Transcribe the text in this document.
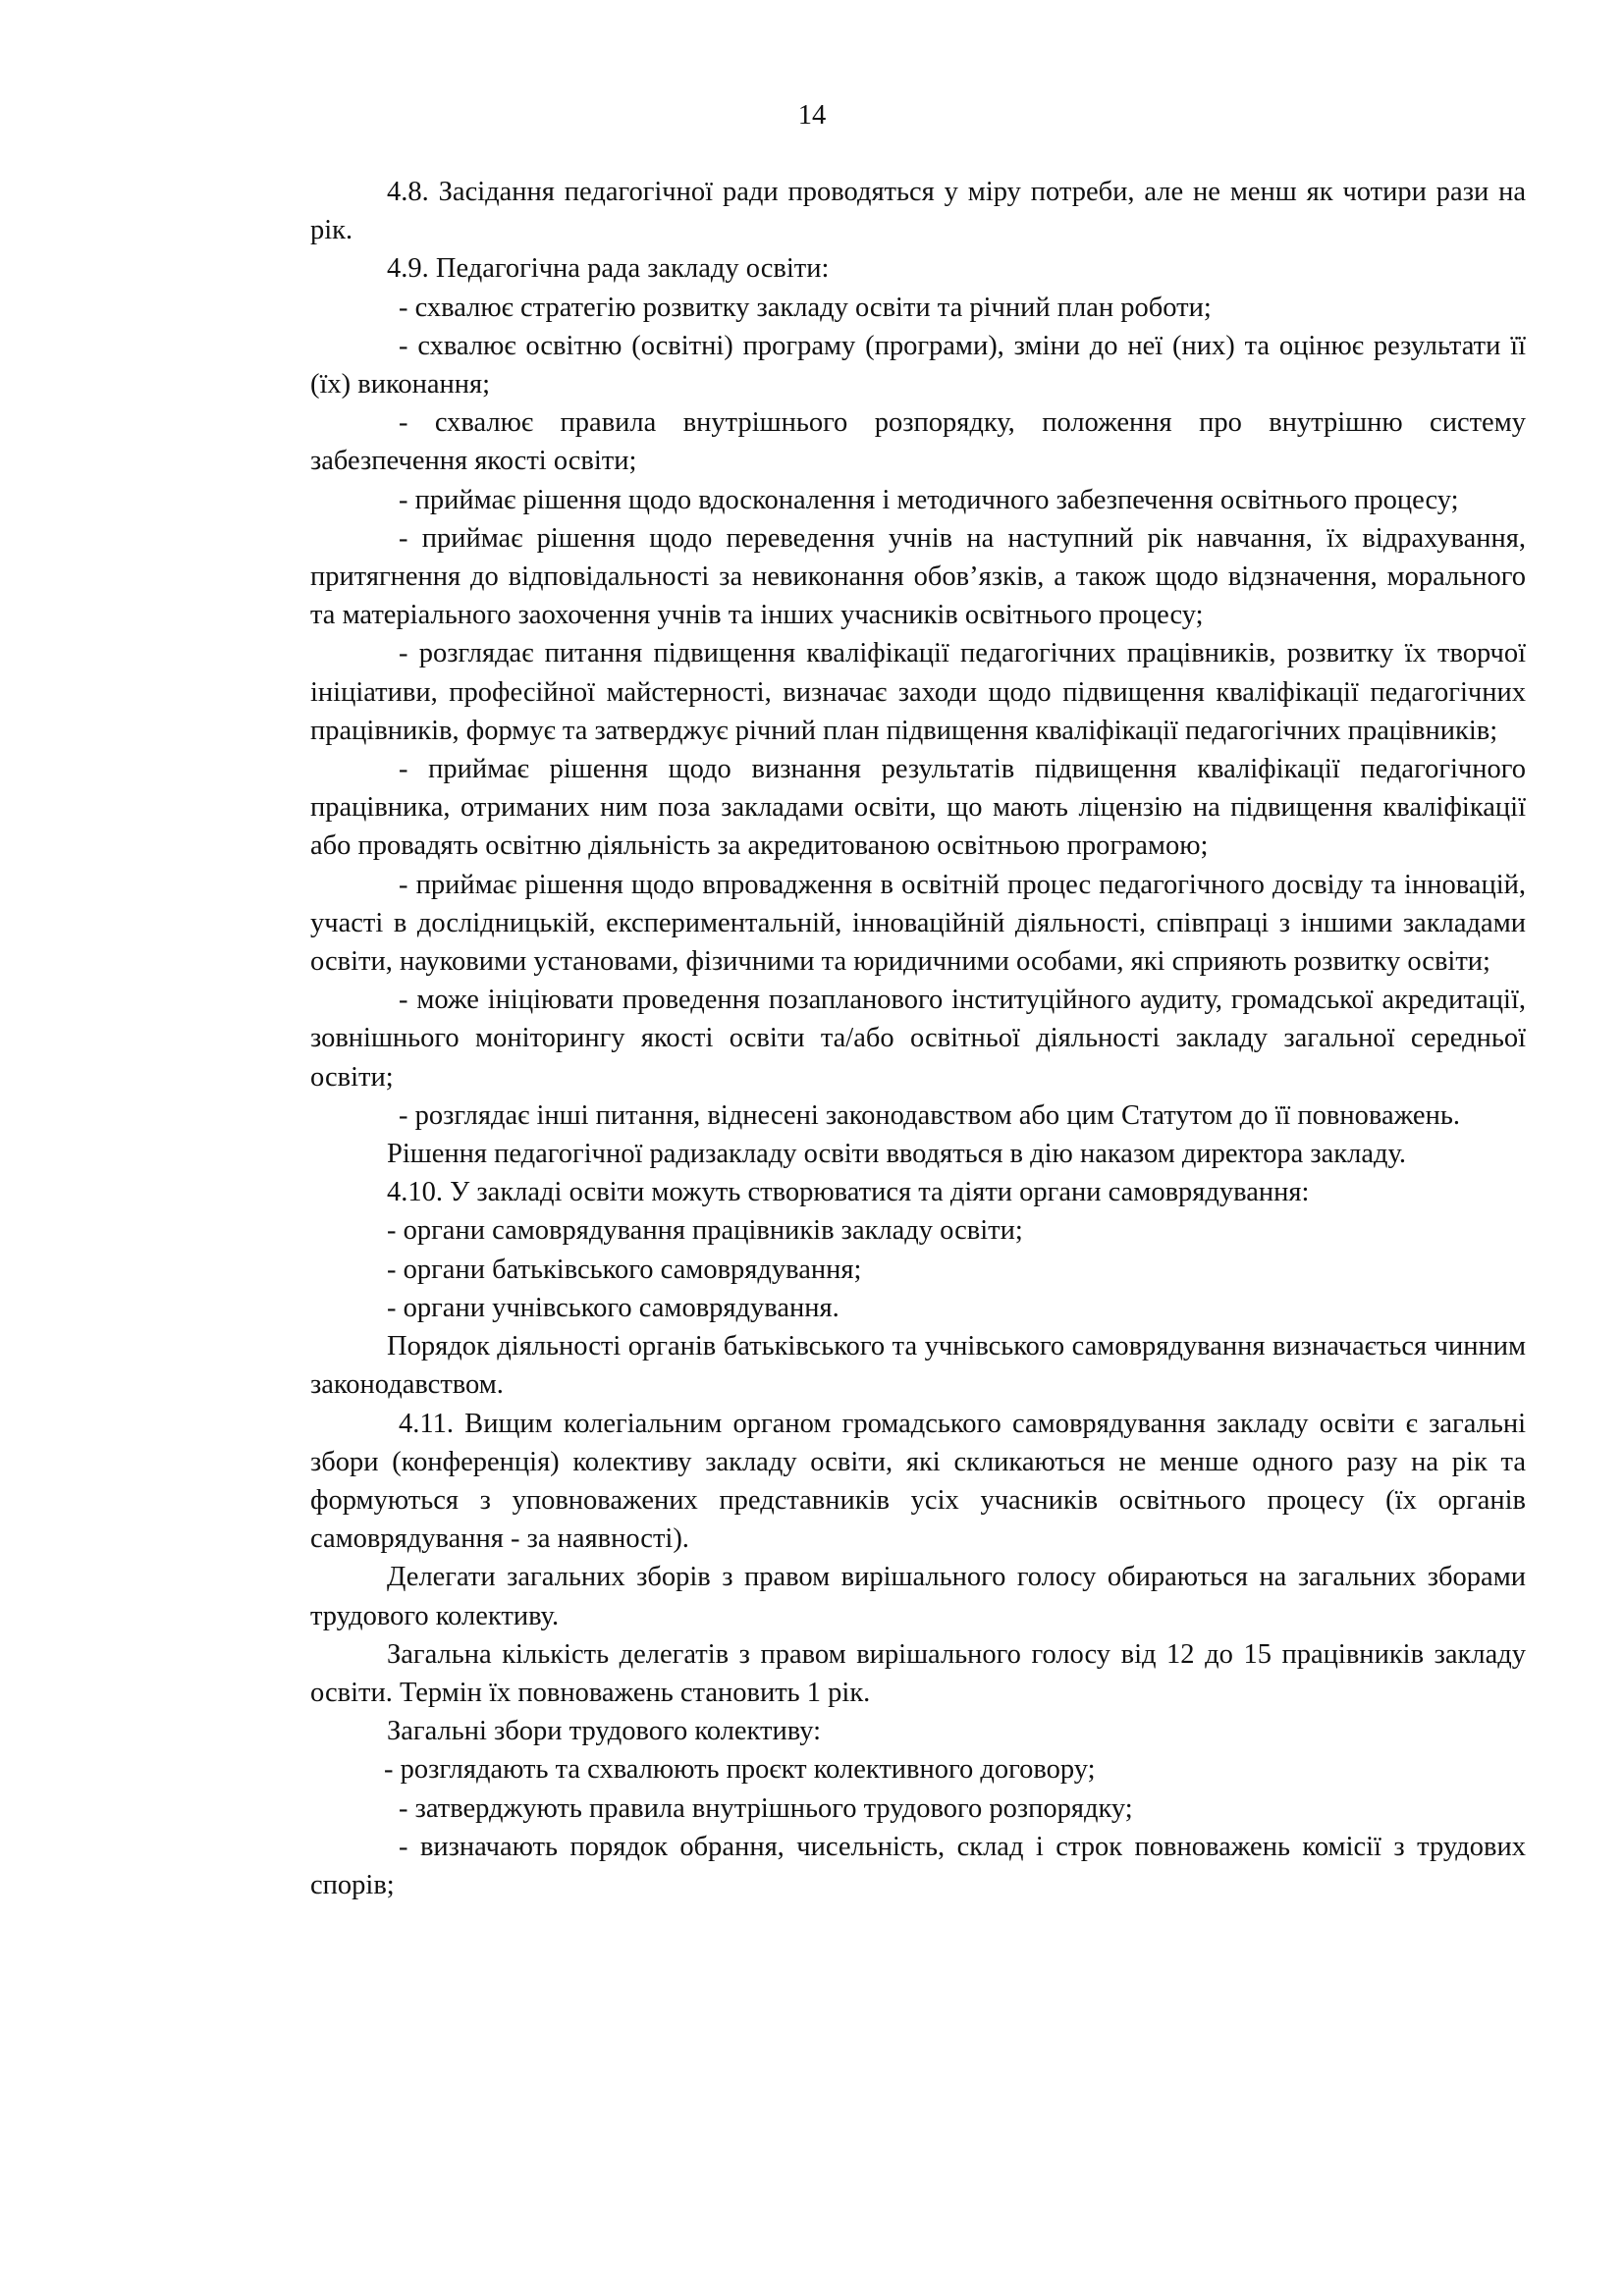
14

4.8. Засідання педагогічної ради проводяться у міру потреби, але не менш як чотири рази на рік.

4.9. Педагогічна рада закладу освіти:

- схвалює стратегію розвитку закладу освіти та річний план роботи;

- схвалює освітню (освітні) програму (програми), зміни до неї (них) та оцінює результати її (їх) виконання;

- схвалює правила внутрішнього розпорядку, положення про внутрішню систему забезпечення якості освіти;

- приймає рішення щодо вдосконалення і методичного забезпечення освітнього процесу;

- приймає рішення щодо переведення учнів на наступний рік навчання, їх відрахування, притягнення до відповідальності за невиконання обов’язків, а також щодо відзначення, морального та матеріального заохочення учнів та інших учасників освітнього процесу;

- розглядає питання підвищення кваліфікації педагогічних працівників, розвитку їх творчої ініціативи, професійної майстерності, визначає заходи щодо підвищення кваліфікації педагогічних працівників, формує та затверджує річний план підвищення кваліфікації педагогічних працівників;

- приймає рішення щодо визнання результатів підвищення кваліфікації педагогічного працівника, отриманих ним поза закладами освіти, що мають ліцензію на підвищення кваліфікації або провадять освітню діяльність за акредитованою освітньою програмою;

- приймає рішення щодо впровадження в освітній процес педагогічного досвіду та інновацій, участі в дослідницькій, експериментальній, інноваційній діяльності, співпраці з іншими закладами освіти, науковими установами, фізичними та юридичними особами, які сприяють розвитку освіти;

- може ініціювати проведення позапланового інституційного аудиту, громадської акредитації, зовнішнього моніторингу якості освіти та/або освітньої діяльності закладу загальної середньої освіти;

- розглядає інші питання, віднесені законодавством або цим Статутом до її повноважень.

Рішення педагогічної радизакладу освіти вводяться в дію наказом директора закладу.

4.10. У закладі освіти можуть створюватися та діяти органи самоврядування:

- органи самоврядування працівників закладу освіти;

- органи батьківського самоврядування;

- органи учнівського самоврядування.

Порядок діяльності органів батьківського та учнівського самоврядування визначається чинним законодавством.

4.11. Вищим колегіальним органом громадського самоврядування закладу освіти є загальні збори (конференція) колективу закладу освіти, які скликаються не менше одного разу на рік та формуються з уповноважених представників усіх учасників освітнього процесу (їх органів самоврядування - за наявності).

Делегати загальних зборів з правом вирішального голосу обираються на загальних зборами трудового колективу.

Загальна кількість делегатів з правом вирішального голосу від 12 до 15 працівників закладу освіти. Термін їх повноважень становить 1 рік.

Загальні збори трудового колективу:

- розглядають та схвалюють проєкт колективного договору;

- затверджують правила внутрішнього трудового розпорядку;

- визначають порядок обрання, чисельність, склад і строк повноважень комісії з трудових спорів;
